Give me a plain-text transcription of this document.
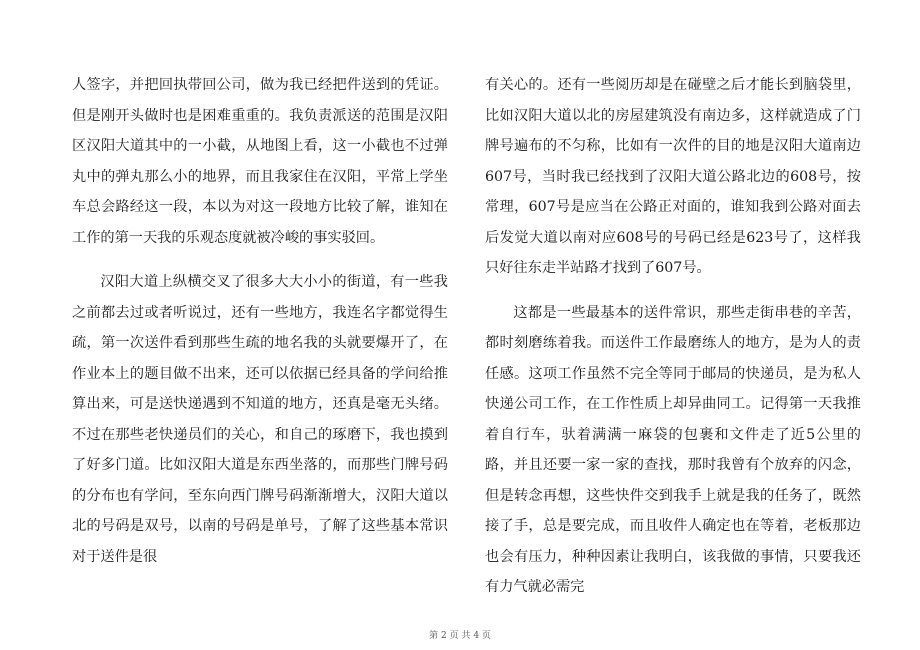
人签字，并把回执带回公司，做为我已经把件送到的凭证。但是刚开头做时也是困难重重的。我负责派送的范围是汉阳区汉阳大道其中的一小截，从地图上看，这一小截也不过弹丸中的弹丸那么小的地界，而且我家住在汉阳，平常上学坐车总会路经这一段，本以为对这一段地方比较了解，谁知在工作的第一天我的乐观态度就被冷峻的事实驳回。

汉阳大道上纵横交叉了很多大大小小的街道，有一些我之前都去过或者听说过，还有一些地方，我连名字都觉得生疏，第一次送件看到那些生疏的地名我的头就要爆开了，在作业本上的题目做不出来，还可以依据已经具备的学问给推算出来，可是送快递遇到不知道的地方，还真是毫无头绪。不过在那些老快递员们的关心，和自己的琢磨下，我也摸到了好多门道。比如汉阳大道是东西坐落的，而那些门牌号码的分布也有学问，至东向西门牌号码渐渐增大，汉阳大道以北的号码是双号，以南的号码是单号，了解了这些基本常识对于送件是很

有关心的。还有一些阅历却是在碰壁之后才能长到脑袋里，比如汉阳大道以北的房屋建筑没有南边多，这样就造成了门牌号遍布的不匀称，比如有一次件的目的地是汉阳大道南边607号，当时我已经找到了汉阳大道公路北边的608号，按常理，607号是应当在公路正对面的，谁知我到公路对面去后发觉大道以南对应608号的号码已经是623号了，这样我只好往东走半站路才找到了607号。

这都是一些最基本的送件常识，那些走街串巷的辛苦，都时刻磨练着我。而送件工作最磨练人的地方，是为人的责任感。这项工作虽然不完全等同于邮局的快递员，是为私人快递公司工作，在工作性质上却异曲同工。记得第一天我推着自行车，驮着满满一麻袋的包裹和文件走了近5公里的路，并且还要一家一家的查找，那时我曾有个放弃的闪念，但是转念再想，这些快件交到我手上就是我的任务了，既然接了手，总是要完成，而且收件人确定也在等着，老板那边也会有压力，种种因素让我明白，该我做的事情，只要我还有力气就必需完

第 2 页 共 4 页
